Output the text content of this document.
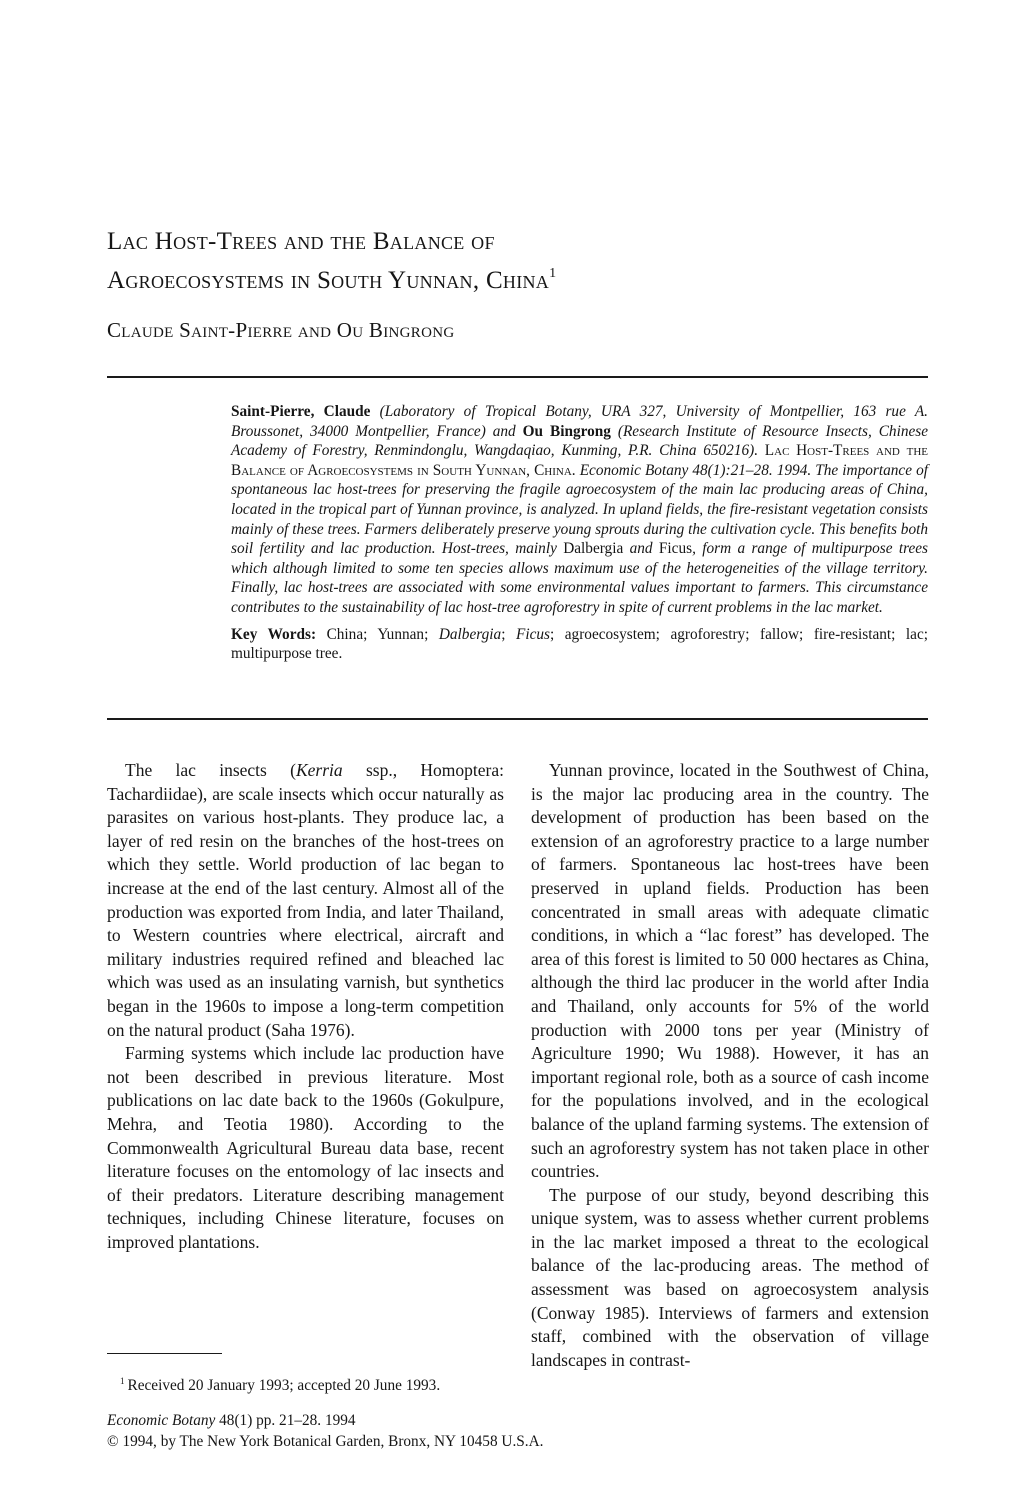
Lac Host-Trees and the Balance of
Agroecosystems in South Yunnan, China$^1$
Claude Saint-Pierre and Ou Bingrong

Saint-Pierre, Claude (Laboratory of Tropical Botany, URA 327, University of Montpellier, 163 rue A. Broussonet, 34000 Montpellier, France) and Ou Bingrong (Research Institute of Resource Insects, Chinese Academy of Forestry, Renmindonglu, Wangdaqiao, Kunming, P.R. China 650216). Lac Host-Trees and the Balance of Agroecosystems in South Yunnan, China. Economic Botany 48(1):21–28. 1994. The importance of spontaneous lac host-trees for preserving the fragile agroecosystem of the main lac producing areas of China, located in the tropical part of Yunnan province, is analyzed. In upland fields, the fire-resistant vegetation consists mainly of these trees. Farmers deliberately preserve young sprouts during the cultivation cycle. This benefits both soil fertility and lac production. Host-trees, mainly Dalbergia and Ficus, form a range of multipurpose trees which although limited to some ten species allows maximum use of the heterogeneities of the village territory. Finally, lac host-trees are associated with some environmental values important to farmers. This circumstance contributes to the sustainability of lac host-tree agroforestry in spite of current problems in the lac market.

Key Words: China; Yunnan; Dalbergia; Ficus; agroecosystem; agroforestry; fallow; fire-resistant; lac; multipurpose tree.

The lac insects (Kerria ssp., Homoptera: Tachardiidae), are scale insects which occur naturally as parasites on various host-plants. They produce lac, a layer of red resin on the branches of the host-trees on which they settle. World production of lac began to increase at the end of the last century. Almost all of the production was exported from India, and later Thailand, to Western countries where electrical, aircraft and military industries required refined and bleached lac which was used as an insulating varnish, but synthetics began in the 1960s to impose a long-term competition on the natural product (Saha 1976).

Farming systems which include lac production have not been described in previous literature. Most publications on lac date back to the 1960s (Gokulpure, Mehra, and Teotia 1980). According to the Commonwealth Agricultural Bureau data base, recent literature focuses on the entomology of lac insects and of their predators. Literature describing management techniques, including Chinese literature, focuses on improved plantations.

Yunnan province, located in the Southwest of China, is the major lac producing area in the country. The development of production has been based on the extension of an agroforestry practice to a large number of farmers. Spontaneous lac host-trees have been preserved in upland fields. Production has been concentrated in small areas with adequate climatic conditions, in which a “lac forest” has developed. The area of this forest is limited to 50 000 hectares as China, although the third lac producer in the world after India and Thailand, only accounts for 5% of the world production with 2000 tons per year (Ministry of Agriculture 1990; Wu 1988). However, it has an important regional role, both as a source of cash income for the populations involved, and in the ecological balance of the upland farming systems. The extension of such an agroforestry system has not taken place in other countries.

The purpose of our study, beyond describing this unique system, was to assess whether current problems in the lac market imposed a threat to the ecological balance of the lac-producing areas. The method of assessment was based on agroecosystem analysis (Conway 1985). Interviews of farmers and extension staff, combined with the observation of village landscapes in contrast-

$^1$ Received 20 January 1993; accepted 20 June 1993.
Economic Botany 48(1) pp. 21–28. 1994
© 1994, by The New York Botanical Garden, Bronx, NY 10458 U.S.A.
